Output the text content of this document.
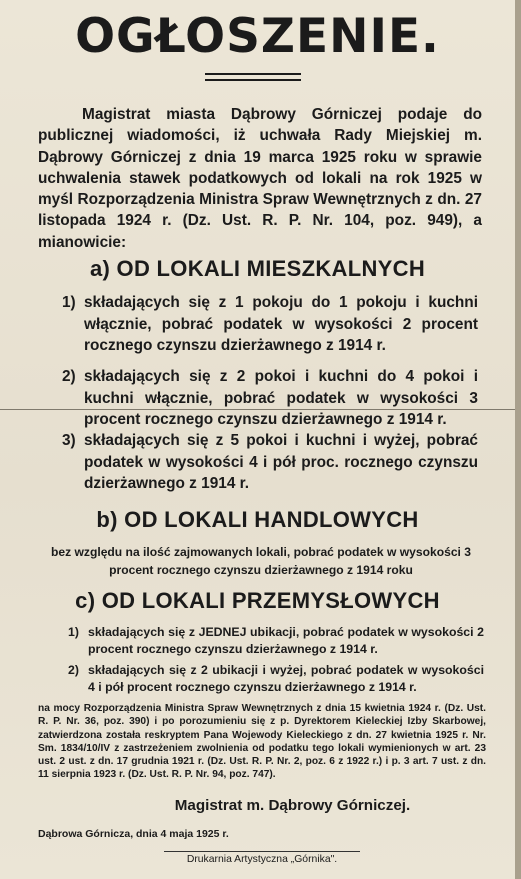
OGŁOSZENIE.
Magistrat miasta Dąbrowy Górniczej podaje do publicznej wiadomości, iż uchwała Rady Miejskiej m. Dąbrowy Górniczej z dnia 19 marca 1925 roku w sprawie uchwalenia stawek podatkowych od lokali na rok 1925 w myśl Rozporządzenia Ministra Spraw Wewnętrznych z dn. 27 listopada 1924 r. (Dz. Ust. R. P. Nr. 104, poz. 949), a mianowicie:
a) OD LOKALI MIESZKALNYCH
1) składających się z 1 pokoju do 1 pokoju i kuchni włącznie, pobrać podatek w wysokości 2 procent rocznego czynszu dzierżawnego z 1914 r.
2) składających się z 2 pokoi i kuchni do 4 pokoi i kuchni włącznie, pobrać podatek w wysokości 3 procent rocznego czynszu dzierżawnego z 1914 r.
3) składających się z 5 pokoi i kuchni i wyżej, pobrać podatek w wysokości 4 i pół proc. rocznego czynszu dzierżawnego z 1914 r.
b) OD LOKALI HANDLOWYCH
bez względu na ilość zajmowanych lokali, pobrać podatek w wysokości 3 procent rocznego czynszu dzierżawnego z 1914 roku
c) OD LOKALI PRZEMYSŁOWYCH
1) składających się z JEDNEJ ubikacji, pobrać podatek w wysokości 2 procent rocznego czynszu dzierżawnego z 1914 r.
2) składających się z 2 ubikacji i wyżej, pobrać podatek w wysokości 4 i pół procent rocznego czynszu dzierżawnego z 1914 r.
na mocy Rozporządzenia Ministra Spraw Wewnętrznych z dnia 15 kwietnia 1924 r. (Dz. Ust. R. P. Nr. 36, poz. 390) i po porozumieniu się z p. Dyrektorem Kieleckiej Izby Skarbowej, zatwierdzona została reskryptem Pana Wojewody Kieleckiego z dn. 27 kwietnia 1925 r. Nr. Sm. 1834/10/IV z zastrzeżeniem zwolnienia od podatku tego lokali wymienionych w art. 23 ust. 2 ust. z dn. 17 grudnia 1921 r. (Dz. Ust. R. P. Nr. 2, poz. 6 z 1922 r.) i p. 3 art. 7 ust. z dn. 11 sierpnia 1923 r. (Dz. Ust. R. P. Nr. 94, poz. 747).
Magistrat m. Dąbrowy Górniczej.
Dąbrowa Górnicza, dnia 4 maja 1925 r.
Drukarnia Artystyczna „Górnika".
